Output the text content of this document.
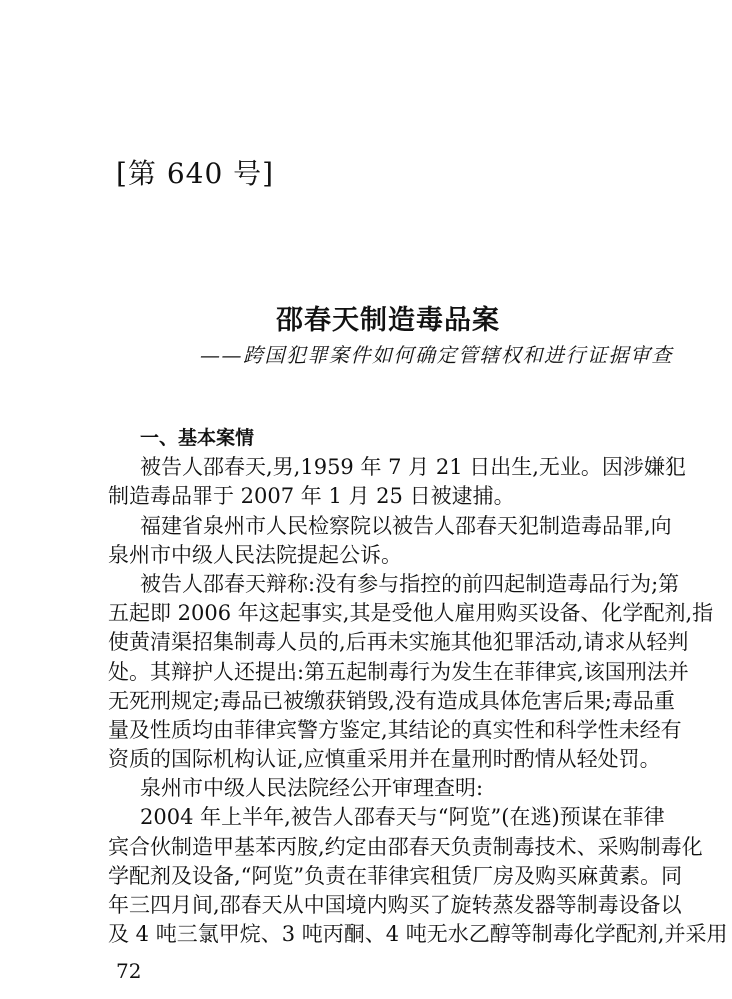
[第 640 号]
邵春天制造毒品案
——跨国犯罪案件如何确定管辖权和进行证据审查
一、基本案情
被告人邵春天,男,1959 年 7 月 21 日出生,无业。因涉嫌犯
制造毒品罪于 2007 年 1 月 25 日被逮捕。
福建省泉州市人民检察院以被告人邵春天犯制造毒品罪,向
泉州市中级人民法院提起公诉。
被告人邵春天辩称:没有参与指控的前四起制造毒品行为;第
五起即 2006 年这起事实,其是受他人雇用购买设备、化学配剂,指
使黄清渠招集制毒人员的,后再未实施其他犯罪活动,请求从轻判
处。其辩护人还提出:第五起制毒行为发生在菲律宾,该国刑法并
无死刑规定;毒品已被缴获销毁,没有造成具体危害后果;毒品重
量及性质均由菲律宾警方鉴定,其结论的真实性和科学性未经有
资质的国际机构认证,应慎重采用并在量刑时酌情从轻处罚。
泉州市中级人民法院经公开审理查明:
2004 年上半年,被告人邵春天与“阿览”(在逃)预谋在菲律
宾合伙制造甲基苯丙胺,约定由邵春天负责制毒技术、采购制毒化
学配剂及设备,“阿览”负责在菲律宾租赁厂房及购买麻黄素。同
年三四月间,邵春天从中国境内购买了旋转蒸发器等制毒设备以
及 4 吨三氯甲烷、3 吨丙酮、4 吨无水乙醇等制毒化学配剂,并采用
72
